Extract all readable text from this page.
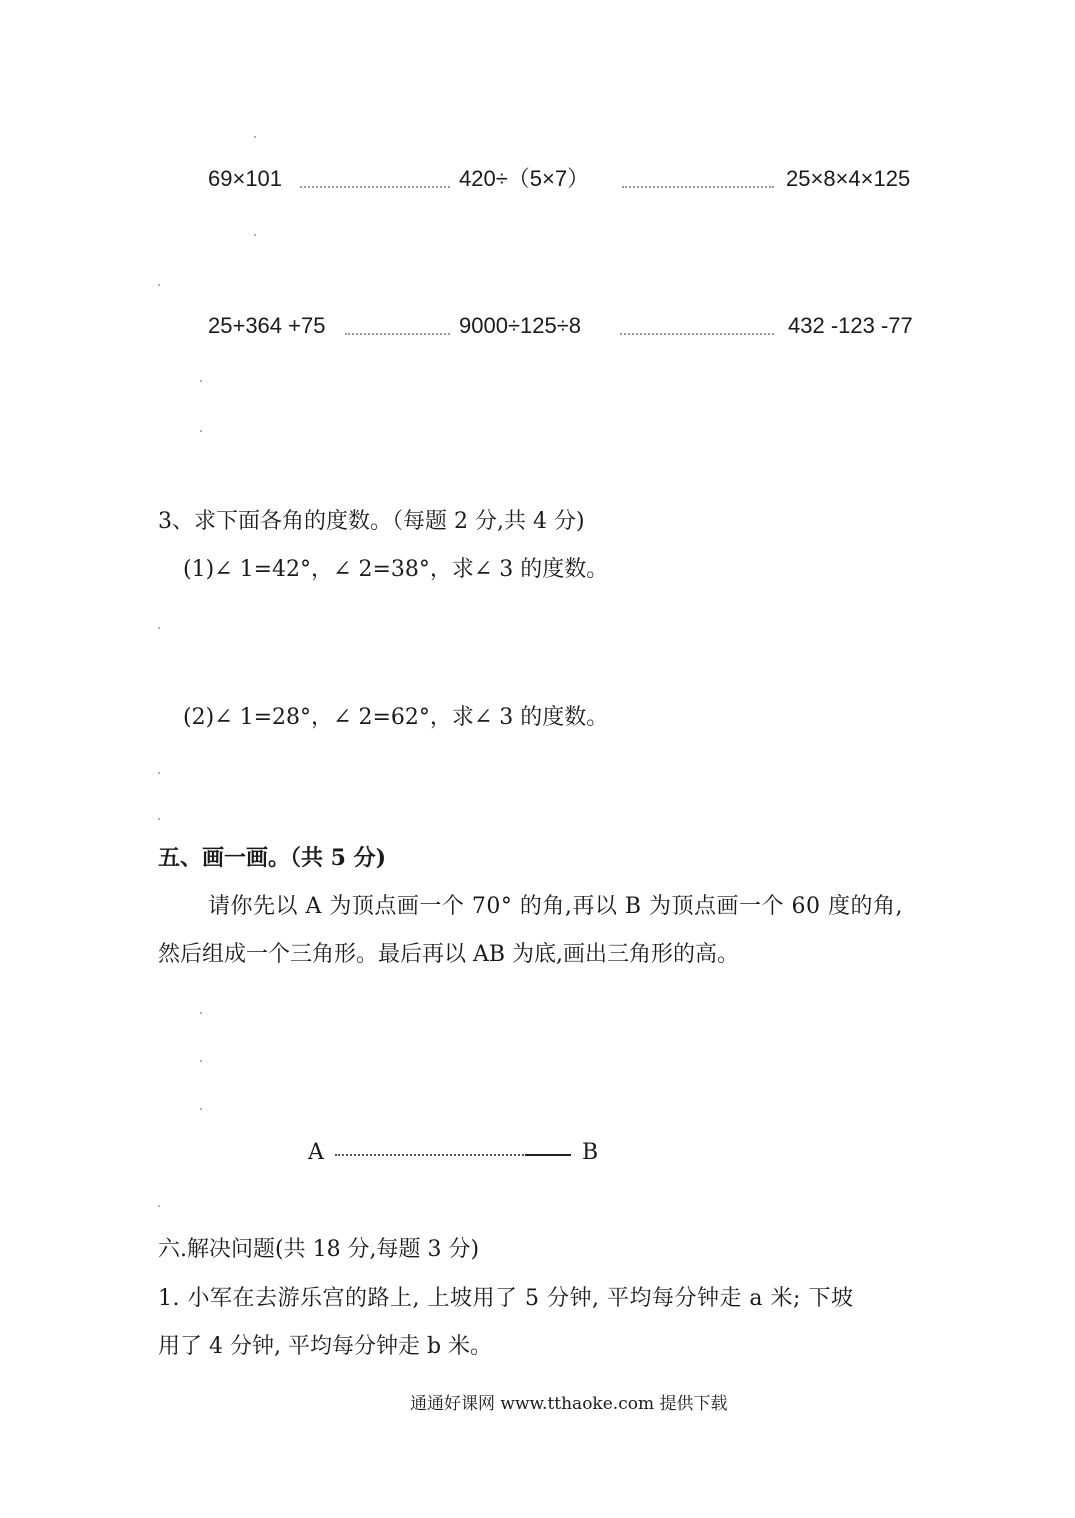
69×101	420÷（5×7）	25×8×4×125
25+364 +75	9000÷125÷8	432 -123 -77
3、求下面各角的度数。（每题 2 分,共 4 分)
(1)∠ 1=42°，∠ 2=38°，求∠ 3 的度数。
(2)∠ 1=28°，∠ 2=62°，求∠ 3 的度数。
五、画一画。（共 5 分)
请你先以 A 为顶点画一个 70° 的角,再以 B 为顶点画一个 60 度的角,
然后组成一个三角形。最后再以 AB 为底,画出三角形的高。
A	B
六.解决问题(共 18 分,每题 3 分)
1. 小军在去游乐宫的路上, 上坡用了 5 分钟, 平均每分钟走 a 米; 下坡
用了 4 分钟, 平均每分钟走 b 米。
通通好课网 www.tthaoke.com 提供下载
